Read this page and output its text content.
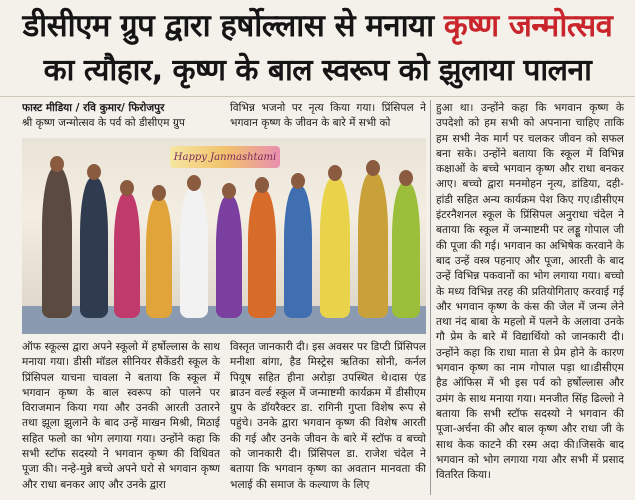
डीसीएम ग्रुप द्वारा हर्षोल्लास से मनाया कृष्ण जन्मोत्सव
का त्यौहार, कृष्ण के बाल स्वरूप को झुलाया पालना

फास्ट मीडिया / रवि कुमार/ फिरोजपुर

श्री कृष्ण जन्मोत्सव के पर्व को डीसीएम ग्रुप

विभिन्न भजनो पर नृत्य किया गया। प्रिंसिपल ने भगवान कृष्ण के जीवन के बारे में सभी को

Happy Janmashtami

हुआ था। उन्होंने कहा कि भगवान कृष्ण के उपदेशो को हम सभी को अपनाना चाहिए ताकि हम सभी नेक मार्ग पर चलकर जीवन को सफल बना सके। उन्होंने बताया कि स्कूल में विभिन्न कक्षाओं के बच्चे भगवान कृष्ण और राधा बनकर आए। बच्चो द्वारा मनमोहन नृत्य, डांडिया, दही-हांडी सहित अन्य कार्यक्रम पेश किए गए।डीसीएम इंटरनैशनल स्कूल के प्रिंसिपल अनुराधा चंदेल ने बताया कि स्कूल में जन्माष्टमी पर लड्डू गोपाल जी की पूजा की गई। भगवान का अभिषेक करवाने के बाद उन्हें वस्त्र पहनाए और पूजा, आरती के बाद उन्हें विभिन्न पकवानों का भोग लगाया गया। बच्चो के मध्य विभिन्न तरह की प्रतियोगिताए करवाई गई और भगवान कृष्ण के कंस की जेल में जन्म लेने तथा नंद बाबा के महलो में पलने के अलावा उनके गौ प्रेम के बारे में विद्यार्थियो को जानकारी दी। उन्होंने कहा कि राधा माता से प्रेम होने के कारण भगवान कृष्ण का नाम गोपाल पड़ा था।डीसीएम हैड ऑफिस में भी इस पर्व को हर्षोल्लास और उमंग के साथ मनाया गया। मनजीत सिंह ढिल्लो ने बताया कि सभी स्टॉफ सदस्यो ने भगवान की पूजा-अर्चना की और बाल कृष्ण और राधा जी के साथ केक काटने की रस्म अदा की।जिसके बाद भगवान को भोग लगाया गया और सभी में प्रसाद वितरित किया।

ऑफ स्कूल्स द्वारा अपने स्कूलो में हर्षोल्लास के साथ मनाया गया। डीसी मॉडल सीनियर सैकेंडरी स्कूल के प्रिंसिपल याचना चावला ने बताया कि स्कूल में भगवान कृष्ण के बाल स्वरूप को पालने पर विराजमान किया गया और उनकी आरती उतारने तथा झूला झुलाने के बाद उन्हें माखन मिश्री, मिठाई सहित फलो का भोग लगाया गया। उन्होंने कहा कि सभी स्टॉफ सदस्यो ने भगवान कृष्ण की विधिवत पूजा की। नन्हे-मुन्ने बच्चे अपने घरो से भगवान कृष्ण और राधा बनकर आए और उनके द्वारा

विस्तृत जानकारी दी। इस अवसर पर डिप्टी प्रिंसिपल मनीशा बांगा, हैड मिस्ट्रेस ऋतिका सोनी, कर्नल पियूष सहित हीना अरोड़ा उपस्थित थे।दास एंड ब्राउन वर्ल्ड स्कूल में जन्माष्टमी कार्यक्रम में डीसीएम ग्रुप के डॉयरैक्टर डा. रागिनी गुप्ता विशेष रूप से पहुंचे। उनके द्वारा भगवान कृष्ण की विशेष आरती की गई और उनके जीवन के बारे में स्टॉफ व बच्चो को जानकारी दी। प्रिंसिपल डा. राजेश चंदेल ने बताया कि भगवान कृष्ण का अवतान मानवता की भलाई की समाज के कल्याण के लिए
